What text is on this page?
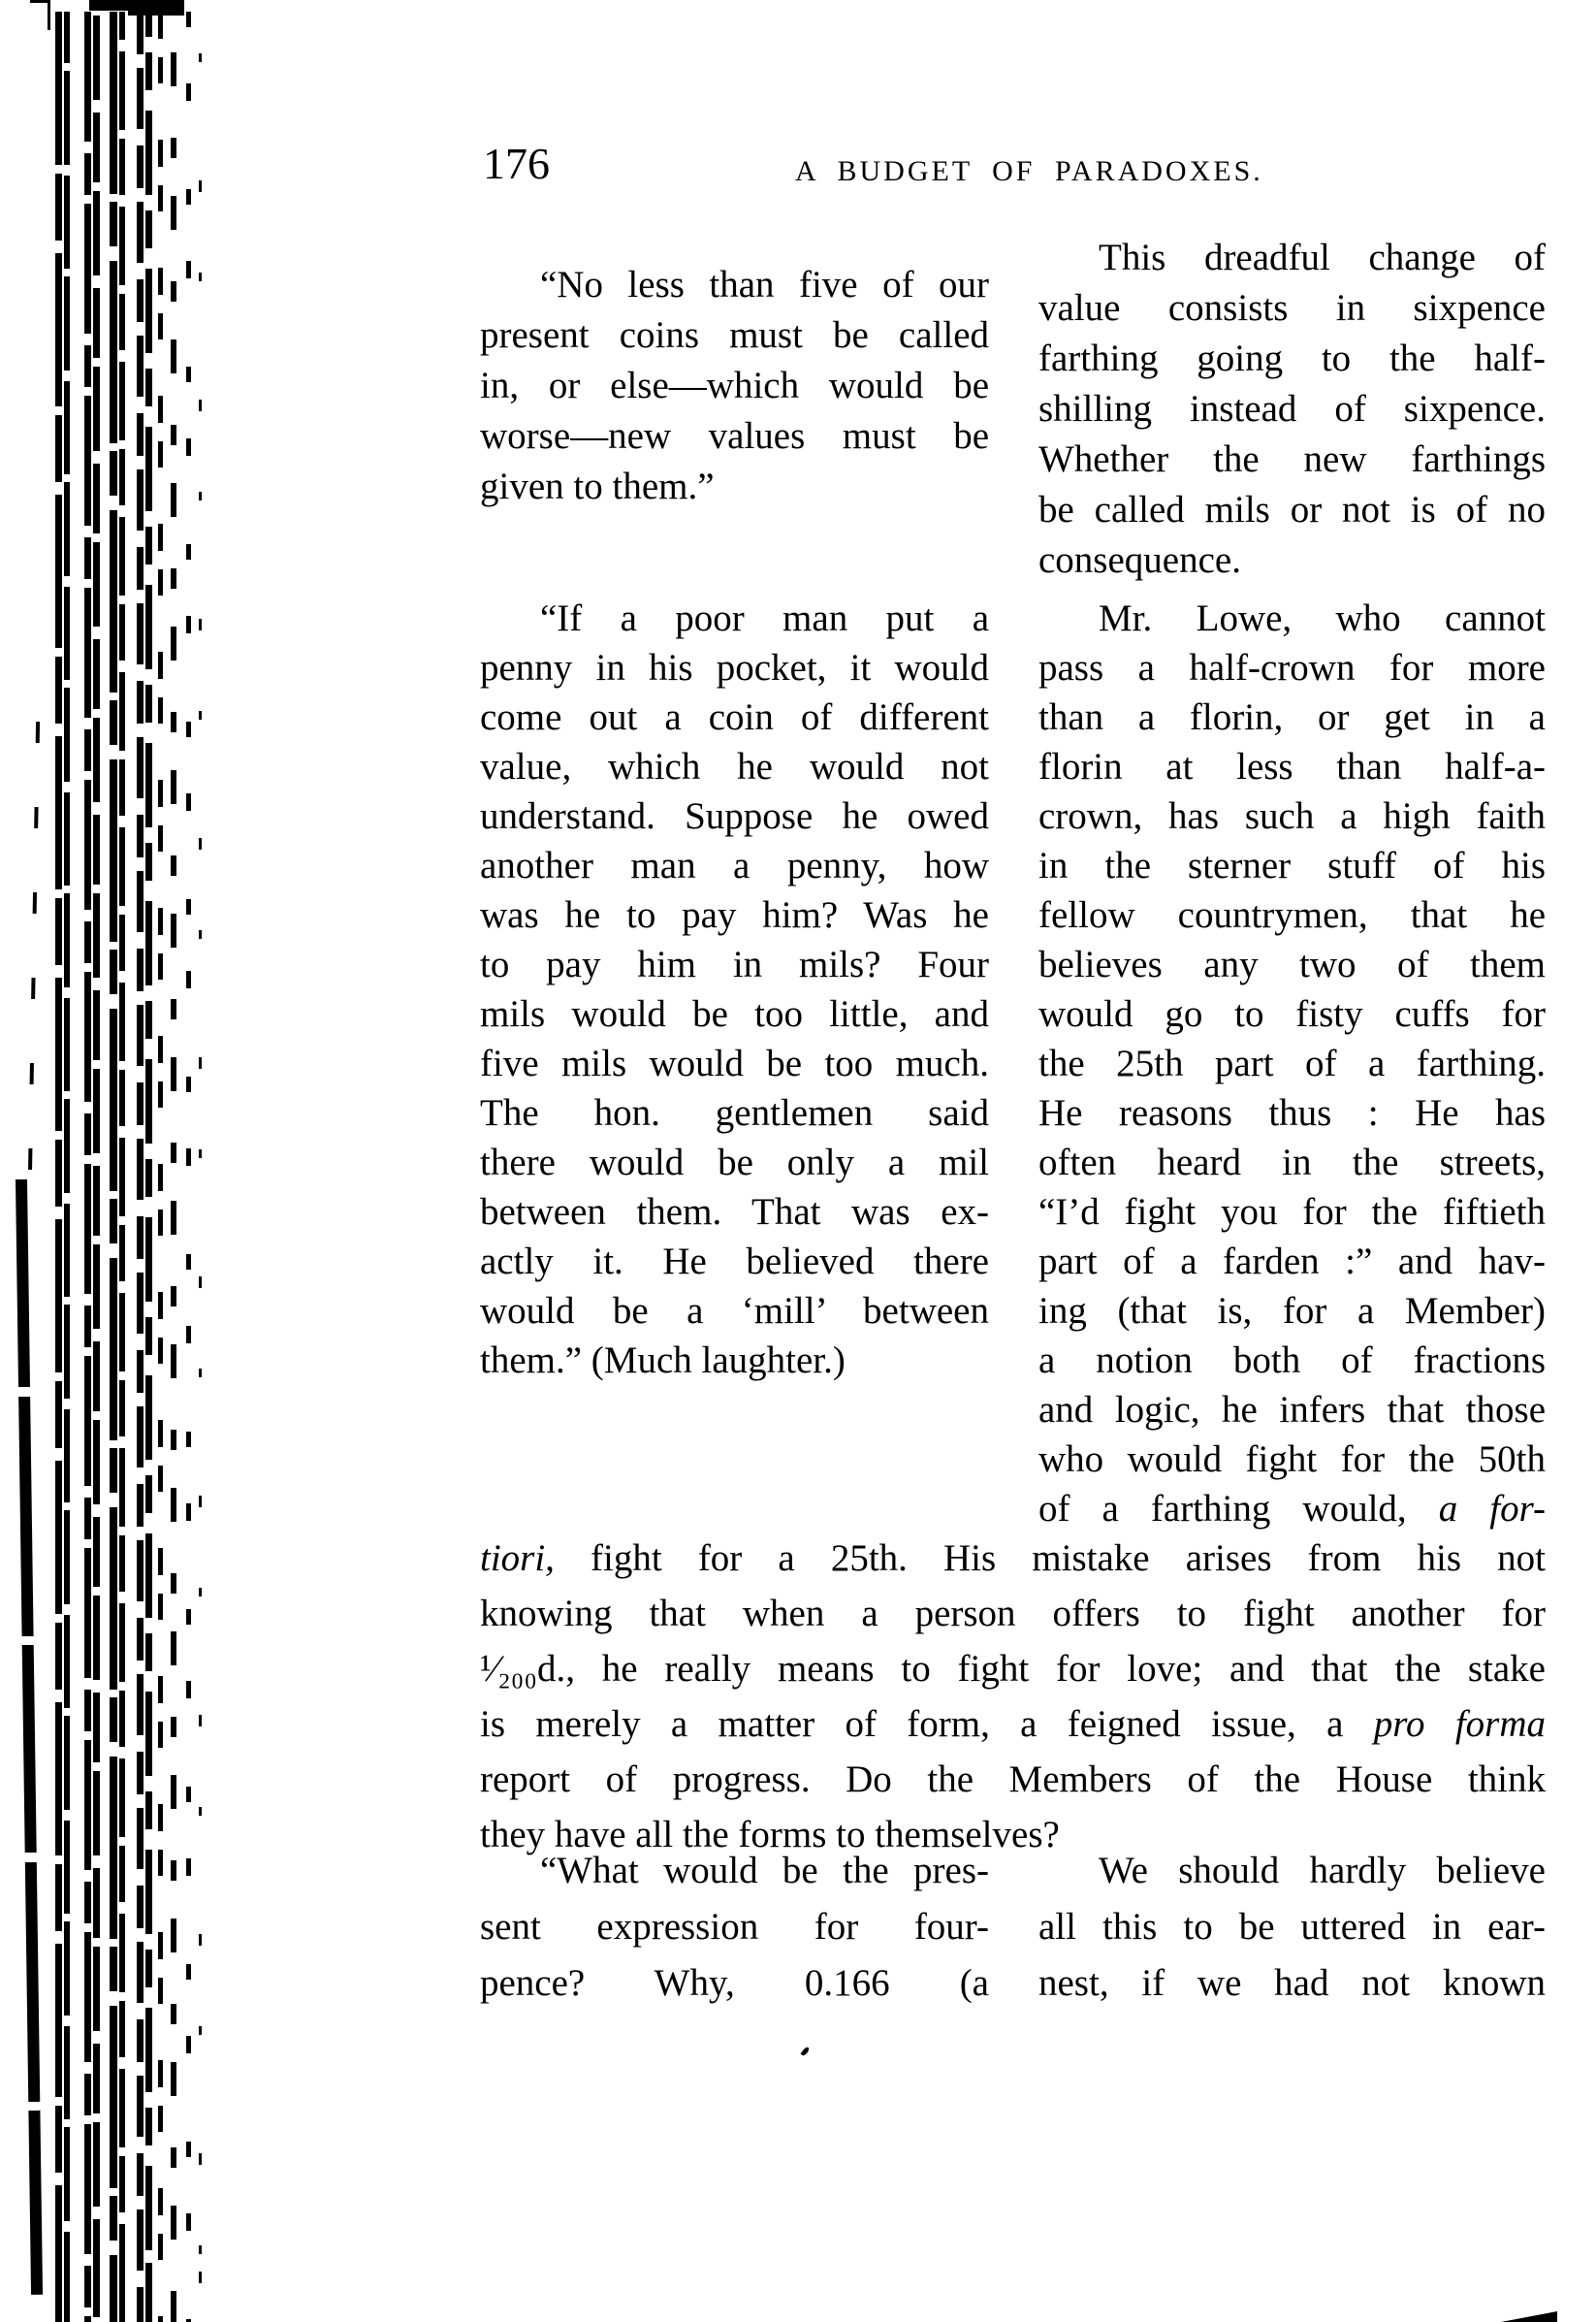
176	A BUDGET OF PARADOXES.
“No less than five of our
present coins must be called
in, or else—which would be
worse—new values must be
given to them.”
“If a poor man put a
penny in his pocket, it would
come out a coin of different
value, which he would not
understand. Suppose he owed
another man a penny, how
was he to pay him? Was he
to pay him in mils? Four
mils would be too little, and
five mils would be too much.
The hon. gentlemen said
there would be only a mil
between them. That was ex-
actly it. He believed there
would be a ‘mill’ between
them.” (Much laughter.)
This dreadful change of
value consists in sixpence
farthing going to the half-
shilling instead of sixpence.
Whether the new farthings
be called mils or not is of no
consequence.
Mr. Lowe, who cannot
pass a half-crown for more
than a florin, or get in a
florin at less than half-a-
crown, has such a high faith
in the sterner stuff of his
fellow countrymen, that he
believes any two of them
would go to fisty cuffs for
the 25th part of a farthing.
He reasons thus : He has
often heard in the streets,
“I’d fight you for the fiftieth
part of a farden :” and hav-
ing (that is, for a Member)
a notion both of fractions
and logic, he infers that those
who would fight for the 50th
of a farthing would, a for-
tiori, fight for a 25th. His mistake arises from his not
knowing that when a person offers to fight another for
¹⁄₂₀₀d., he really means to fight for love; and that the stake
is merely a matter of form, a feigned issue, a pro forma
report of progress. Do the Members of the House think
they have all the forms to themselves?
“What would be the pres-
sent expression for four-
pence? Why, 0.166 (a
We should hardly believe
all this to be uttered in ear-
nest, if we had not known
